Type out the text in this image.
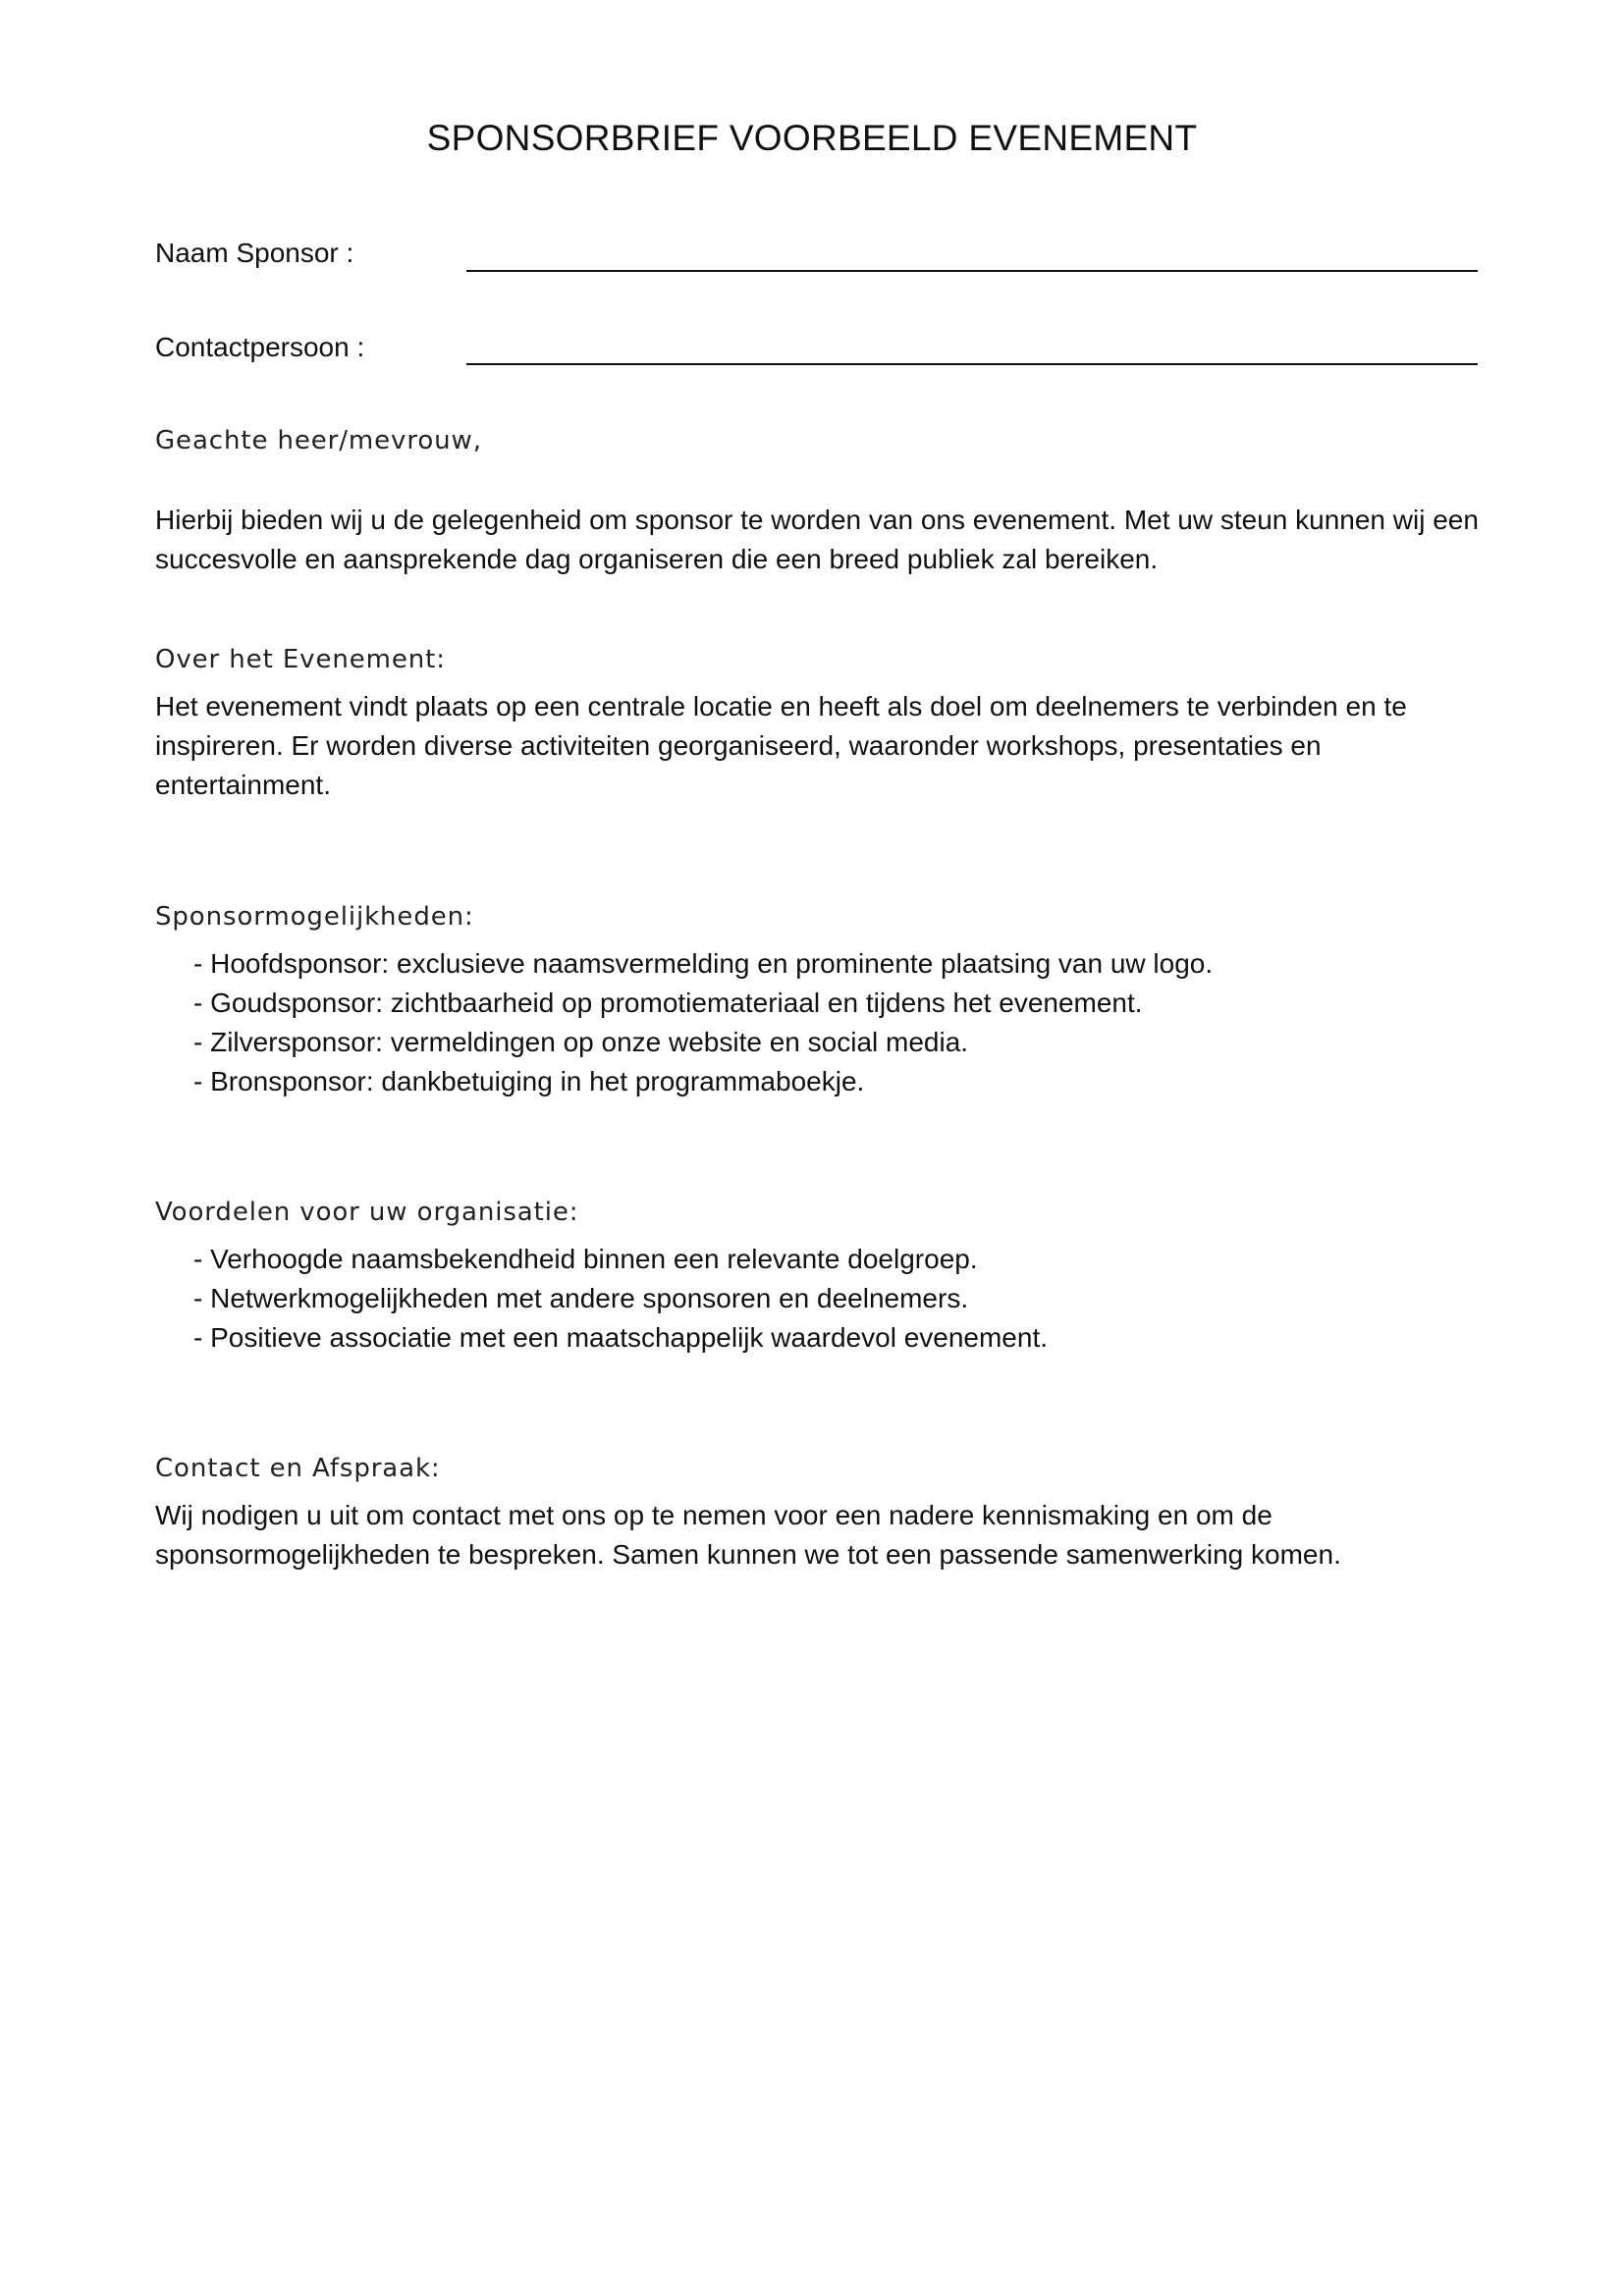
SPONSORBRIEF VOORBEELD EVENEMENT
Naam Sponsor :
Contactpersoon :
Geachte heer/mevrouw,
Hierbij bieden wij u de gelegenheid om sponsor te worden van ons evenement. Met uw steun kunnen wij een succesvolle en aansprekende dag organiseren die een breed publiek zal bereiken.
Over het Evenement:
Het evenement vindt plaats op een centrale locatie en heeft als doel om deelnemers te verbinden en te inspireren. Er worden diverse activiteiten georganiseerd, waaronder workshops, presentaties en entertainment.
Sponsormogelijkheden:
- Hoofdsponsor: exclusieve naamsvermelding en prominente plaatsing van uw logo.
- Goudsponsor: zichtbaarheid op promotiemateriaal en tijdens het evenement.
- Zilversponsor: vermeldingen op onze website en social media.
- Bronsponsor: dankbetuiging in het programmaboekje.
Voordelen voor uw organisatie:
- Verhoogde naamsbekendheid binnen een relevante doelgroep.
- Netwerkmogelijkheden met andere sponsoren en deelnemers.
- Positieve associatie met een maatschappelijk waardevol evenement.
Contact en Afspraak:
Wij nodigen u uit om contact met ons op te nemen voor een nadere kennismaking en om de sponsormogelijkheden te bespreken. Samen kunnen we tot een passende samenwerking komen.
